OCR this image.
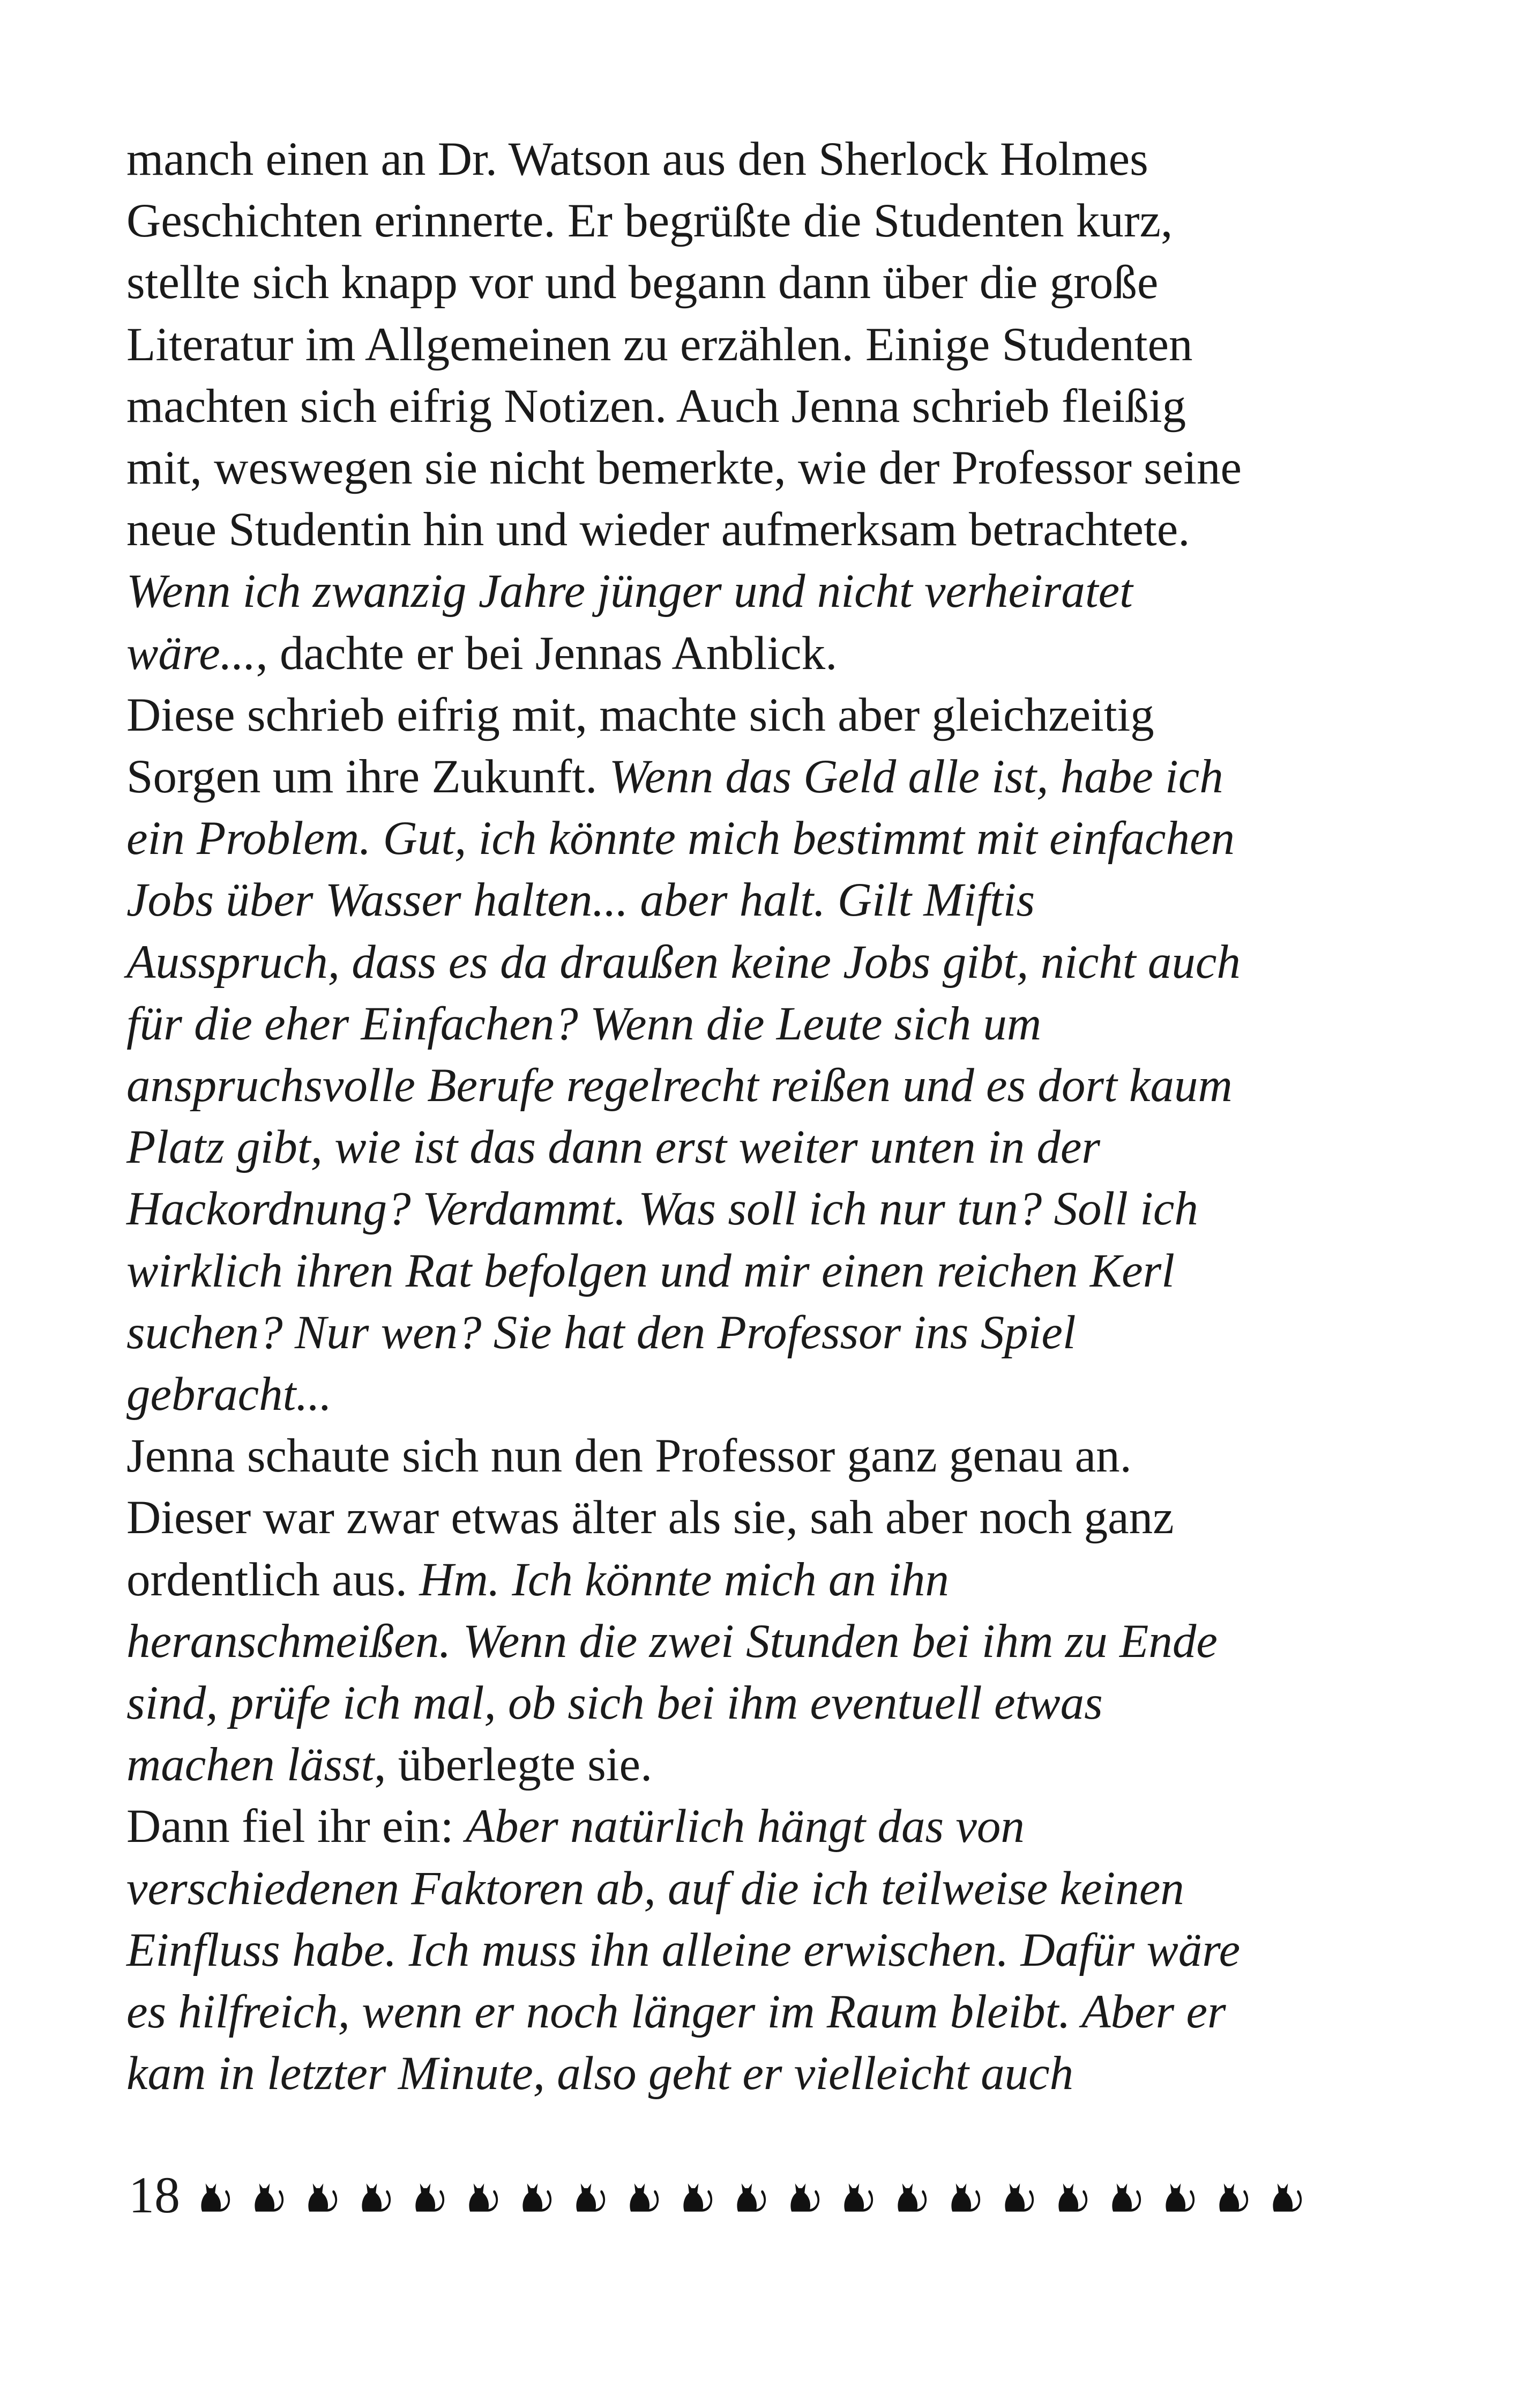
manch einen an Dr. Watson aus den Sherlock Holmes
Geschichten erinnerte. Er begrüßte die Studenten kurz,
stellte sich knapp vor und begann dann über die große
Literatur im Allgemeinen zu erzählen. Einige Studenten
machten sich eifrig Notizen. Auch Jenna schrieb fleißig
mit, weswegen sie nicht bemerkte, wie der Professor seine
neue Studentin hin und wieder aufmerksam betrachtete.
Wenn ich zwanzig Jahre jünger und nicht verheiratet
wäre..., dachte er bei Jennas Anblick.
Diese schrieb eifrig mit, machte sich aber gleichzeitig
Sorgen um ihre Zukunft. Wenn das Geld alle ist, habe ich
ein Problem. Gut, ich könnte mich bestimmt mit einfachen
Jobs über Wasser halten... aber halt. Gilt Miftis
Ausspruch, dass es da draußen keine Jobs gibt, nicht auch
für die eher Einfachen? Wenn die Leute sich um
anspruchsvolle Berufe regelrecht reißen und es dort kaum
Platz gibt, wie ist das dann erst weiter unten in der
Hackordnung? Verdammt. Was soll ich nur tun? Soll ich
wirklich ihren Rat befolgen und mir einen reichen Kerl
suchen? Nur wen? Sie hat den Professor ins Spiel
gebracht...
Jenna schaute sich nun den Professor ganz genau an.
Dieser war zwar etwas älter als sie, sah aber noch ganz
ordentlich aus. Hm. Ich könnte mich an ihn
heranschmeißen. Wenn die zwei Stunden bei ihm zu Ende
sind, prüfe ich mal, ob sich bei ihm eventuell etwas
machen lässt, überlegte sie.
Dann fiel ihr ein: Aber natürlich hängt das von
verschiedenen Faktoren ab, auf die ich teilweise keinen
Einfluss habe. Ich muss ihn alleine erwischen. Dafür wäre
es hilfreich, wenn er noch länger im Raum bleibt. Aber er
kam in letzter Minute, also geht er vielleicht auch
18
